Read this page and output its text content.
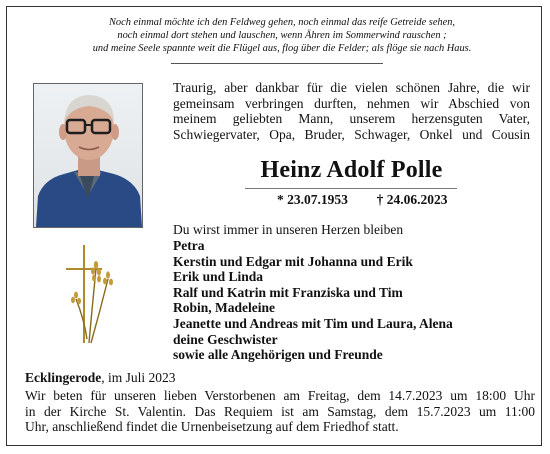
Noch einmal möchte ich den Feldweg gehen, noch einmal das reife Getreide sehen,
noch einmal dort stehen und lauschen, wenn Ähren im Sommerwind rauschen ;
und meine Seele spannte weit die Flügel aus, flog über die Felder; als flöge sie nach Haus.
Traurig, aber dankbar für die vielen schönen Jahre, die wir
gemeinsam verbringen durften, nehmen wir Abschied von
meinem geliebten Mann, unserem herzensguten Vater,
Schwiegervater, Opa, Bruder, Schwager, Onkel und Cousin
Heinz Adolf Polle
* 23.07.1953 † 24.06.2023
Du wirst immer in unseren Herzen bleiben
Petra
Kerstin und Edgar mit Johanna und Erik
Erik und Linda
Ralf und Katrin mit Franziska und Tim
Robin, Madeleine
Jeanette und Andreas mit Tim und Laura, Alena
deine Geschwister
sowie alle Angehörigen und Freunde
Ecklingerode, im Juli 2023
Wir beten für unseren lieben Verstorbenen am Freitag, dem 14.7.2023 um 18:00 Uhr
in der Kirche St. Valentin. Das Requiem ist am Samstag, dem 15.7.2023 um 11:00
Uhr, anschließend findet die Urnenbeisetzung auf dem Friedhof statt.
